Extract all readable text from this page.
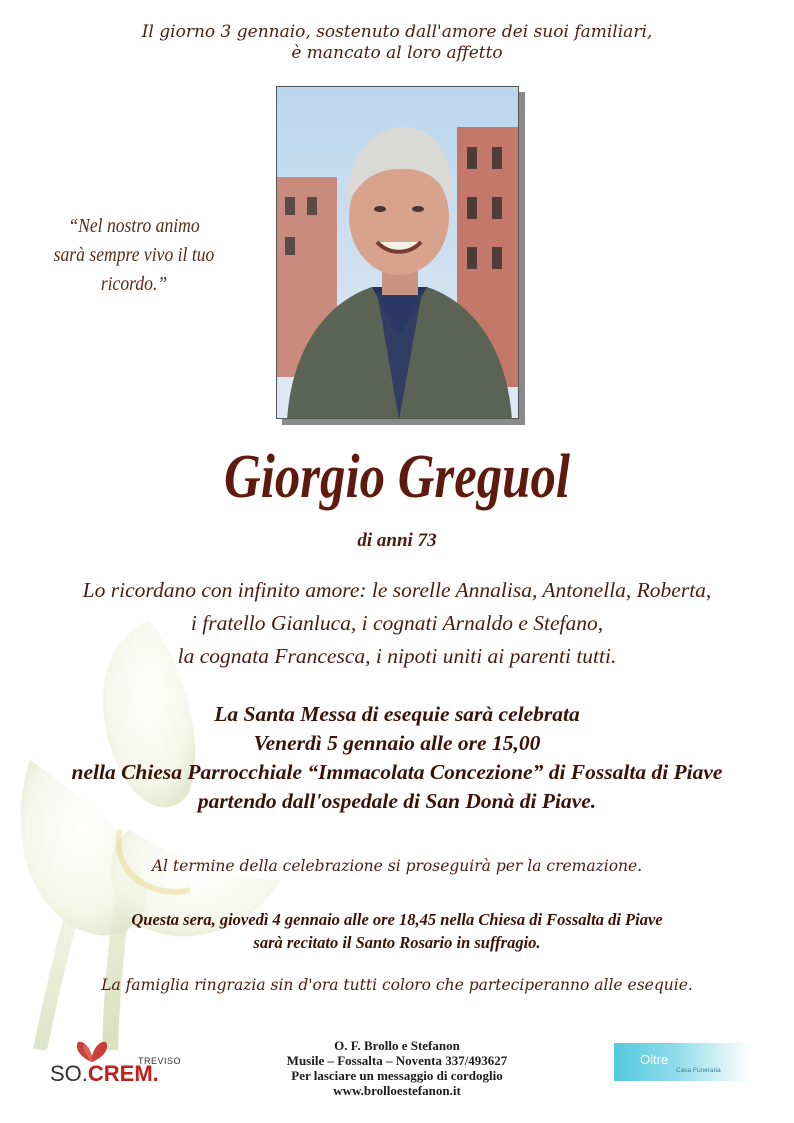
Il giorno 3 gennaio, sostenuto dall'amore dei suoi familiari,
è mancato al loro affetto
“Nel nostro animo
sarà sempre vivo il tuo ricordo.”
Giorgio Greguol
di anni 73
Lo ricordano con infinito amore: le sorelle Annalisa, Antonella, Roberta,
i fratello Gianluca, i cognati Arnaldo e Stefano,
la cognata Francesca, i nipoti uniti ai parenti tutti.
La Santa Messa di esequie sarà celebrata
Venerdì 5 gennaio alle ore 15,00
nella Chiesa Parrocchiale “Immacolata Concezione” di Fossalta di Piave
partendo dall'ospedale di San Donà di Piave.
Al termine della celebrazione si proseguirà per la cremazione.
Questa sera, giovedì 4 gennaio alle ore 18,45 nella Chiesa di Fossalta di Piave
sarà recitato il Santo Rosario in suffragio.
La famiglia ringrazia sin d'ora tutti coloro che parteciperanno alle esequie.
O. F. Brollo e Stefanon
Musile – Fossalta – Noventa 337/493627
Per lasciare un messaggio di cordoglio
www.brolloestefanon.it
TREVISO
SO.CREM.
Oltre
Casa Funeraria
